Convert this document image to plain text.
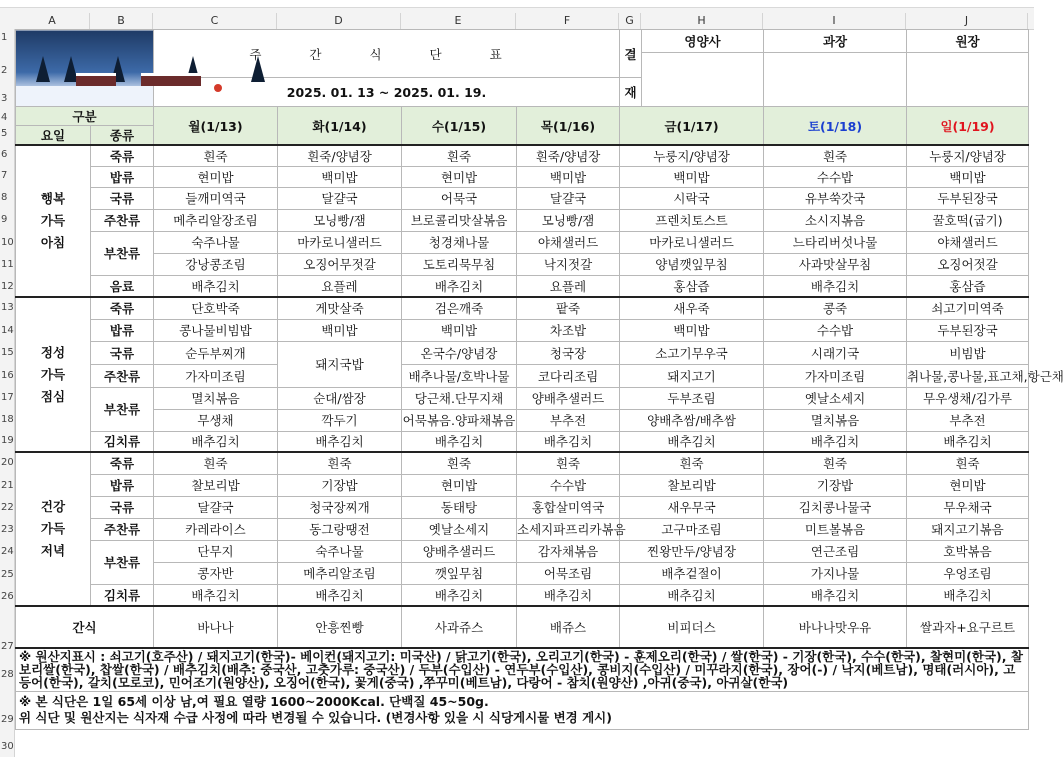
A	B	C	D	E	F	G	H	I	J
1
2
3
4
5
6
7
8
9
10
11
12
13
14
15
16
17
18
19
20
21
22
23
24
25
26
27
28
29
30
		주 간 식 단 표				결	영양사	과장	원장

		2025. 01. 13 ~ 2025. 01. 19.				재			
구분		월(1/13)	화(1/14)	수(1/15)	목(1/16)	금(1/17)		토(1/18)	일(1/19)
요일	종류								
행복
가득
아침	죽류	흰죽	흰죽/양념장	흰죽	흰죽/양념장	누룽지/양념장		흰죽	누룽지/양념장
	밥류	현미밥	백미밥	현미밥	백미밥	백미밥		수수밥	백미밥
	국류	들깨미역국	달걀국	어묵국	달걀국	시락국		유부쑥갓국	두부된장국
	주찬류	메추리알장조림	모닝빵/잼	브로콜리맛살볶음	모닝빵/잼	프렌치토스트		소시지볶음	꿀호떡(굽기)
	부찬류	숙주나물	마카로니샐러드	청경채나물	야채샐러드	마카로니샐러드		느타리버섯나물	야채샐러드
		강낭콩조림	오징어무젓갈	도토리묵무침	낙지젓갈	양념깻잎무침		사과맛살무침	오징어젓갈
	음료	배추김치	요플레	배추김치	요플레	홍삼즙		배추김치	홍삼즙
정성
가득
점심	죽류	단호박죽	게맛살죽	검은깨죽	팥죽	새우죽		콩죽	쇠고기미역죽
	밥류	콩나물비빔밥	백미밥	백미밥	차조밥	백미밥		수수밥	두부된장국
	국류	순두부찌개	돼지국밥	온국수/양념장	청국장	소고기무우국		시래기국	비빔밥
	주찬류	가자미조림		배추나물/호박나물	코다리조림	돼지고기		가자미조림	취나물,콩나물,표고채,항근채
	부찬류	멸치볶음	순대/쌈장	당근채.단무지채	양배추샐러드	두부조림		옛날소세지	무우생채/김가루
		무생채	깍두기	어묵볶음.양파채볶음	부추전	양배추쌈/배추쌈		멸치볶음	부추전
	김치류	배추김치	배추김치	배추김치	배추김치	배추김치		배추김치	배추김치
건강
가득
저녁	죽류	흰죽	흰죽	흰죽	흰죽	흰죽		흰죽	흰죽
	밥류	찰보리밥	기장밥	현미밥	수수밥	찰보리밥		기장밥	현미밥
	국류	달걀국	청국장찌개	동태탕	홍합살미역국	새우무국		김치콩나물국	무우채국
	주찬류	카레라이스	동그랑땡전	옛날소세지	소세지파프리카볶음	고구마조림		미트볼볶음	돼지고기볶음
	부찬류	단무지	숙주나물	양배추샐러드	감자채볶음	찐왕만두/양념장		연근조림	호박볶음
		콩자반	메추리알조림	깻잎무침	어묵조림	배추겉절이		가지나물	우엉조림
	김치류	배추김치	배추김치	배추김치	배추김치	배추김치		배추김치	배추김치
간식		바나나	안흥찐빵	사과쥬스	배쥬스	비피더스		바나나맛우유	쌀과자+요구르트
※ 원산지표시 : 쇠고기(호주산) / 돼지고기(한국)- 베이컨(돼지고기: 미국산) / 닭고기(한국), 오리고기(한국) - 훈제오리(한국) / 쌀(한국) - 기장(한국), 수수(한국), 찰현미(한국), 찰보리쌀(한국), 찹쌀(한국) / 배추김치(배추: 중국산, 고춧가루: 중국산) / 두부(수입산) - 연두부(수입산), 콩비지(수입산) / 미꾸라지(한국), 장어(-) / 낙지(베트남), 명태(러시아), 고등어(한국), 갈치(모로코), 민어조기(원양산), 오징어(한국), 꽃게(중국) ,쭈꾸미(베트남), 다랑어 - 참치(원양산) ,아귀(중국), 아귀살(한국)									

※ 본 식단은 1일 65세 이상 남,여 필요 열량 1600~2000Kcal. 단백질 45~50g.
위 식단 및 원산지는 식자재 수급 사정에 따라 변경될 수 있습니다. (변경사항 있을 시 식당게시물 변경 게시)									
